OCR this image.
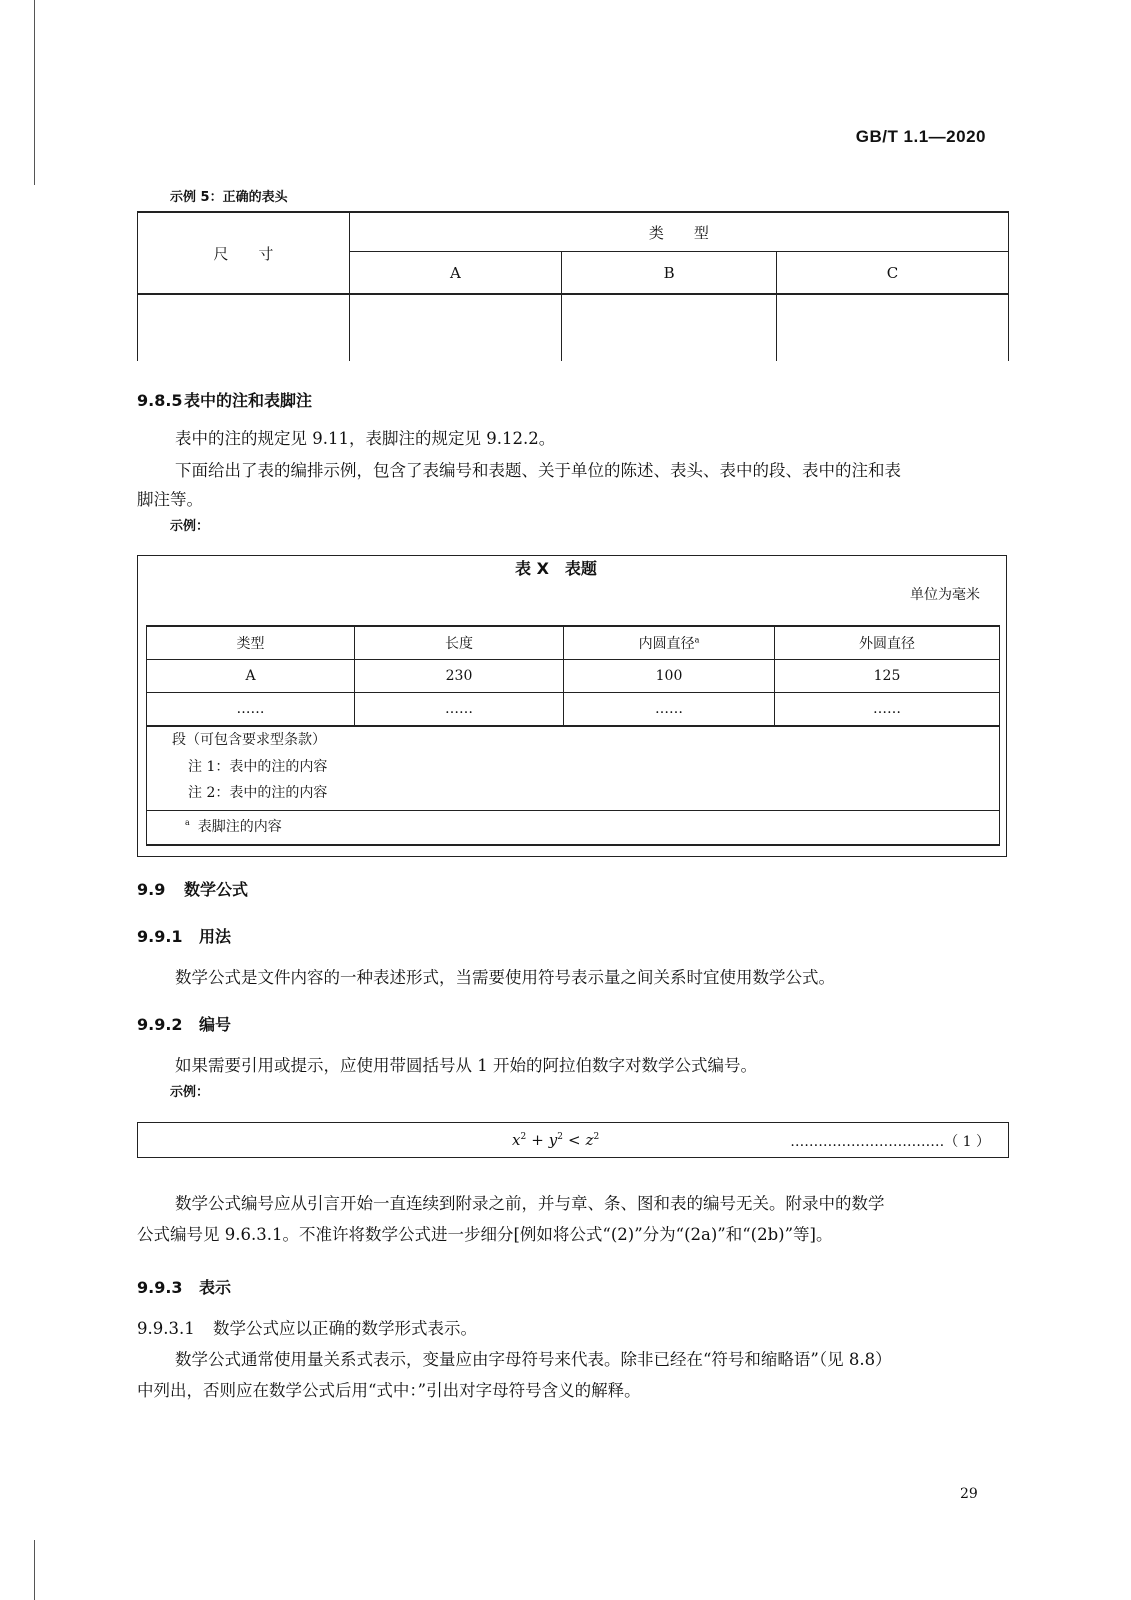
GB/T 1.1—2020
示例 5：正确的表头
尺　　寸	类　　型		
	A	B	C

9.8.5表中的注和表脚注
表中的注的规定见 9.11，表脚注的规定见 9.12.2。
下面给出了表的编排示例，包含了表编号和表题、关于单位的陈述、表头、表中的段、表中的注和表
脚注等。
示例：
表 X　表题
单位为毫米
类型	长度	内圆直径$^a$	外圆直径
A	230	100	125
……	……	……	……
段（可包含要求型条款）
注 1：表中的注的内容
注 2：表中的注的内容
$^a$ 表脚注的内容
9.9 数学公式
9.9.1 用法
数学公式是文件内容的一种表述形式，当需要使用符号表示量之间关系时宜使用数学公式。
9.9.2 编号
如果需要引用或提示，应使用带圆括号从 1 开始的阿拉伯数字对数学公式编号。
示例：
$x^2 + y^2 < z^2$	……………………………（ 1 ）
数学公式编号应从引言开始一直连续到附录之前，并与章、条、图和表的编号无关。附录中的数学
公式编号见 9.6.3.1。不准许将数学公式进一步细分[例如将公式“(2)”分为“(2a)”和“(2b)”等]。
9.9.3 表示
9.9.3.1 数学公式应以正确的数学形式表示。
数学公式通常使用量关系式表示，变量应由字母符号来代表。除非已经在“符号和缩略语”（见 8.8）
中列出，否则应在数学公式后用“式中：”引出对字母符号含义的解释。
29
